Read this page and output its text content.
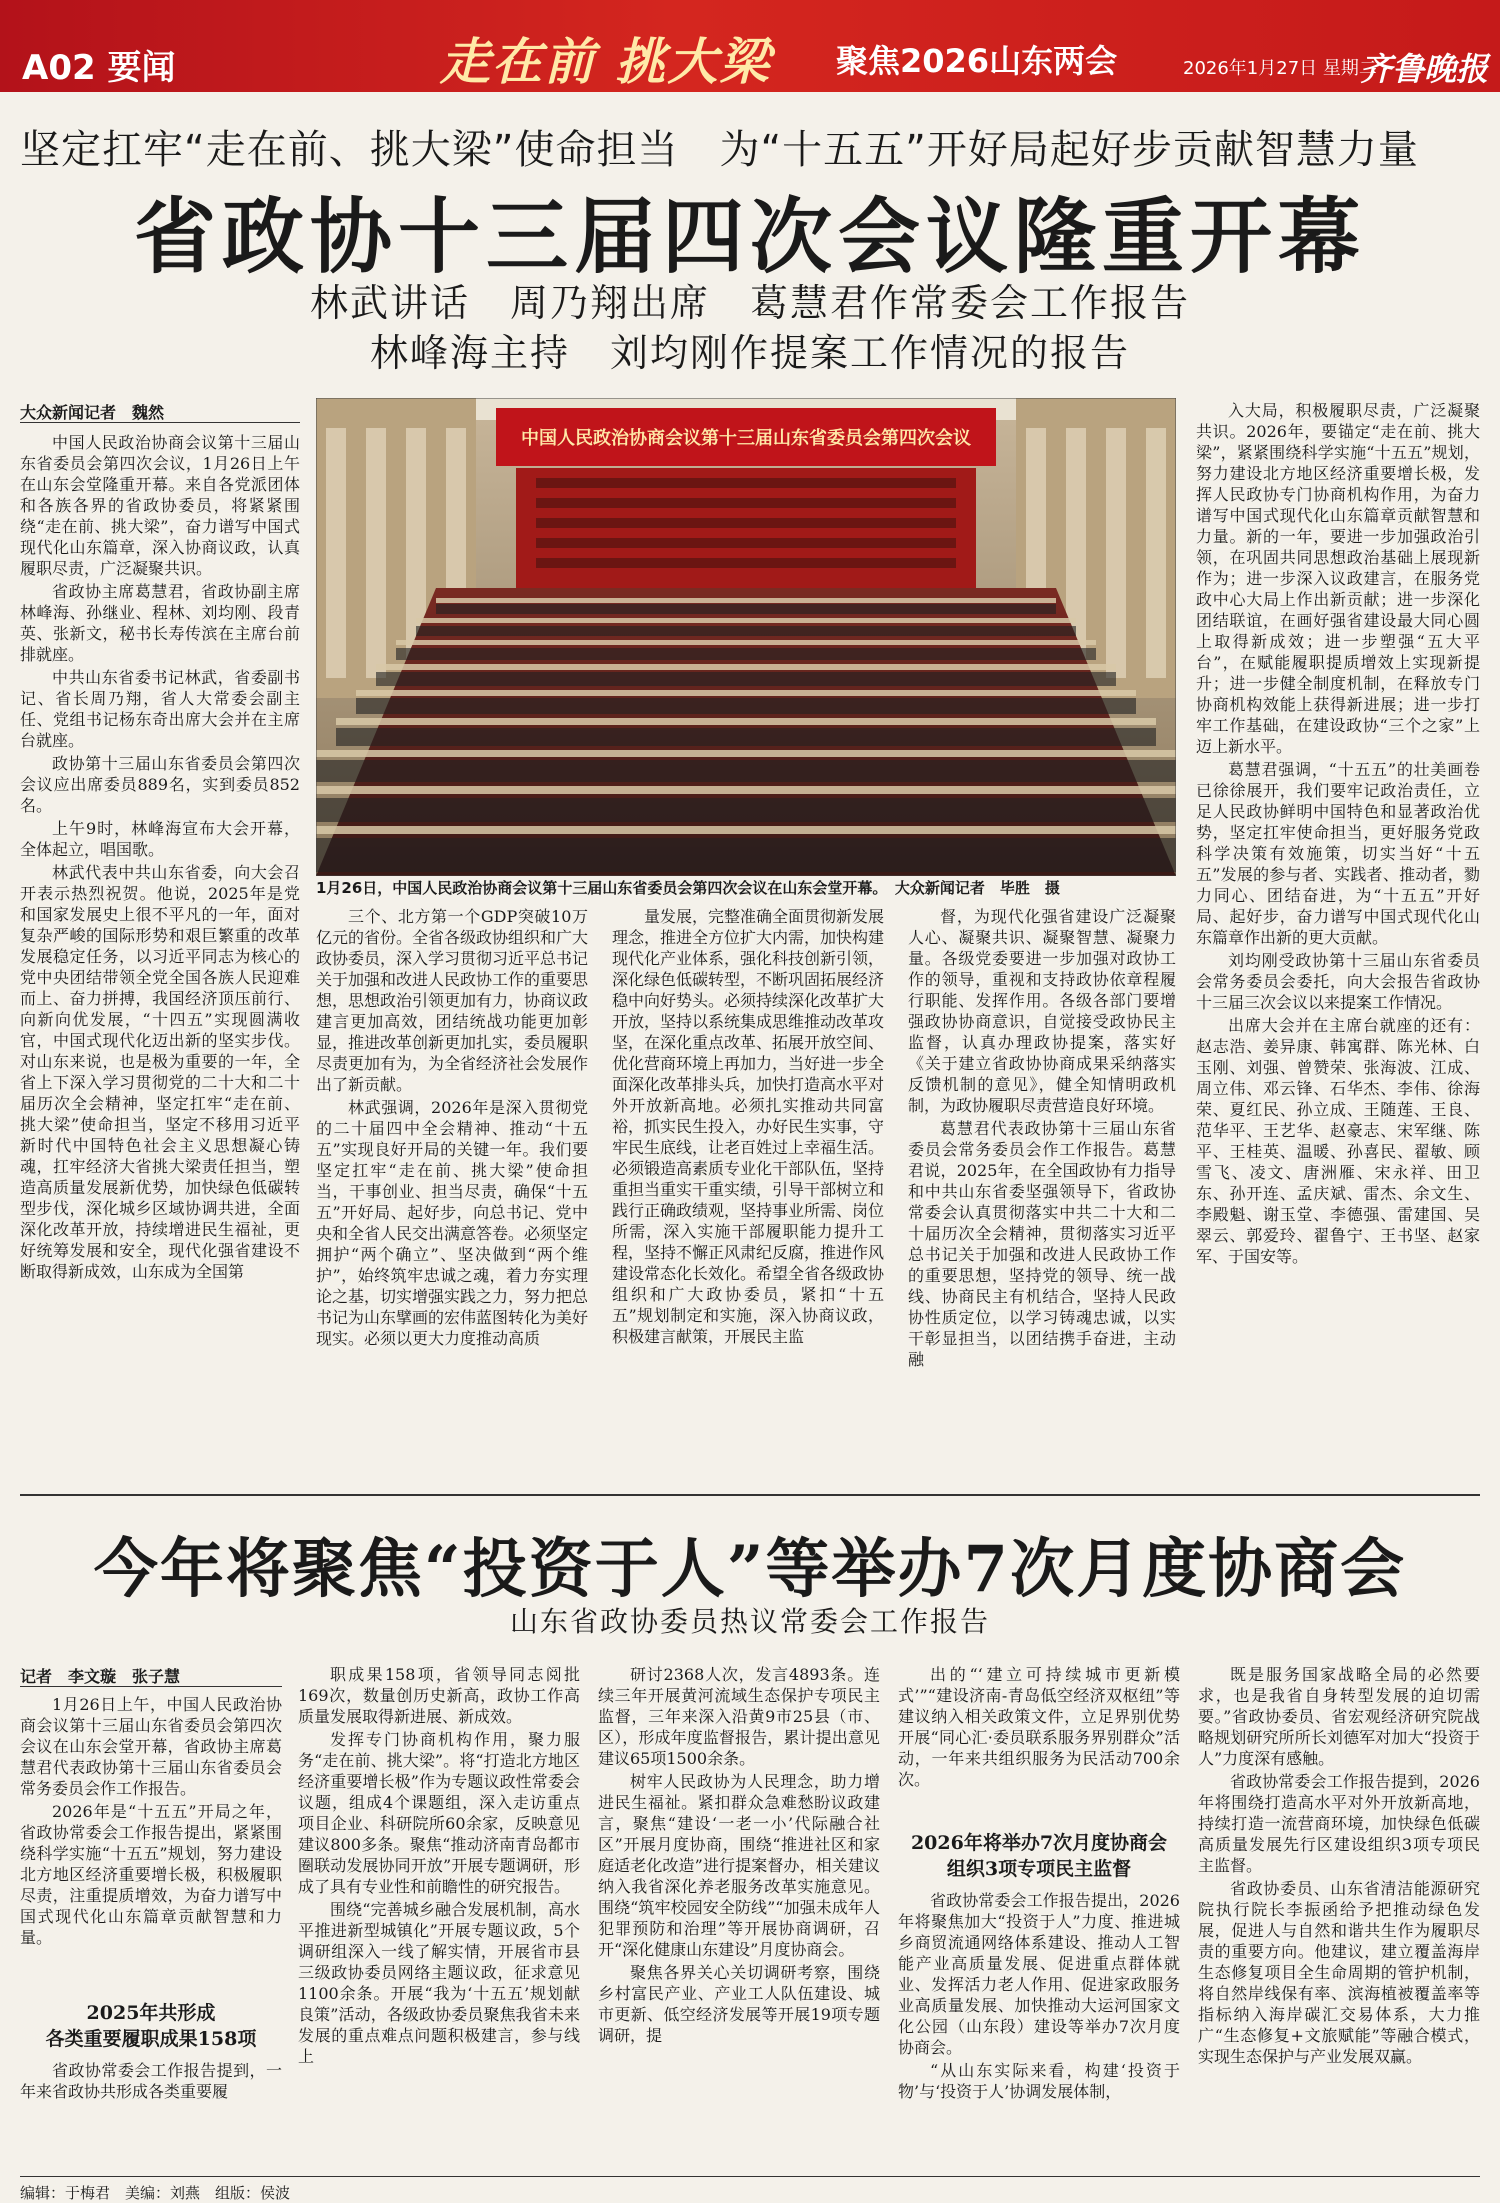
A02 要闻	走在前 挑大梁 聚焦2026山东两会	2026年1月27日 星期二
齐鲁晚报
坚定扛牢“走在前、挑大梁”使命担当　为“十五五”开好局起好步贡献智慧力量
省政协十三届四次会议隆重开幕
林武讲话　周乃翔出席　葛慧君作常委会工作报告
林峰海主持　刘均刚作提案工作情况的报告
大众新闻记者　魏然

中国人民政治协商会议第十三届山东省委员会第四次会议，1月26日上午在山东会堂隆重开幕。来自各党派团体和各族各界的省政协委员，将紧紧围绕“走在前、挑大梁”，奋力谱写中国式现代化山东篇章，深入协商议政，认真履职尽责，广泛凝聚共识。

省政协主席葛慧君，省政协副主席林峰海、孙继业、程林、刘均刚、段青英、张新文，秘书长寿传滨在主席台前排就座。

中共山东省委书记林武，省委副书记、省长周乃翔，省人大常委会副主任、党组书记杨东奇出席大会并在主席台就座。

政协第十三届山东省委员会第四次会议应出席委员889名，实到委员852名。

上午9时，林峰海宣布大会开幕，全体起立，唱国歌。

林武代表中共山东省委，向大会召开表示热烈祝贺。他说，2025年是党和国家发展史上很不平凡的一年，面对复杂严峻的国际形势和艰巨繁重的改革发展稳定任务，以习近平同志为核心的党中央团结带领全党全国各族人民迎难而上、奋力拼搏，我国经济顶压前行、向新向优发展，“十四五”实现圆满收官，中国式现代化迈出新的坚实步伐。对山东来说，也是极为重要的一年，全省上下深入学习贯彻党的二十大和二十届历次全会精神，坚定扛牢“走在前、挑大梁”使命担当，坚定不移用习近平新时代中国特色社会主义思想凝心铸魂，扛牢经济大省挑大梁责任担当，塑造高质量发展新优势，加快绿色低碳转型步伐，深化城乡区域协调共进，全面深化改革开放，持续增进民生福祉，更好统筹发展和安全，现代化强省建设不断取得新成效，山东成为全国第

中国人民政治协商会议第十三届山东省委员会第四次会议
1月26日，中国人民政治协商会议第十三届山东省委员会第四次会议在山东会堂开幕。　大众新闻记者　毕胜　摄

三个、北方第一个GDP突破10万亿元的省份。全省各级政协组织和广大政协委员，深入学习贯彻习近平总书记关于加强和改进人民政协工作的重要思想，思想政治引领更加有力，协商议政建言更加高效，团结统战功能更加彰显，推进改革创新更加扎实，委员履职尽责更加有为，为全省经济社会发展作出了新贡献。

林武强调，2026年是深入贯彻党的二十届四中全会精神、推动“十五五”实现良好开局的关键一年。我们要坚定扛牢“走在前、挑大梁”使命担当，干事创业、担当尽责，确保“十五五”开好局、起好步，向总书记、党中央和全省人民交出满意答卷。必须坚定拥护“两个确立”、坚决做到“两个维护”，始终筑牢忠诚之魂，着力夯实理论之基，切实增强实践之力，努力把总书记为山东擘画的宏伟蓝图转化为美好现实。必须以更大力度推动高质

量发展，完整准确全面贯彻新发展理念，推进全方位扩大内需，加快构建现代化产业体系，强化科技创新引领，深化绿色低碳转型，不断巩固拓展经济稳中向好势头。必须持续深化改革扩大开放，坚持以系统集成思维推动改革攻坚，在深化重点改革、拓展开放空间、优化营商环境上再加力，当好进一步全面深化改革排头兵，加快打造高水平对外开放新高地。必须扎实推动共同富裕，抓实民生投入，办好民生实事，守牢民生底线，让老百姓过上幸福生活。必须锻造高素质专业化干部队伍，坚持重担当重实干重实绩，引导干部树立和践行正确政绩观，坚持事业所需、岗位所需，深入实施干部履职能力提升工程，坚持不懈正风肃纪反腐，推进作风建设常态化长效化。希望全省各级政协组织和广大政协委员，紧扣“十五五”规划制定和实施，深入协商议政，积极建言献策，开展民主监

督，为现代化强省建设广泛凝聚人心、凝聚共识、凝聚智慧、凝聚力量。各级党委要进一步加强对政协工作的领导，重视和支持政协依章程履行职能、发挥作用。各级各部门要增强政协协商意识，自觉接受政协民主监督，认真办理政协提案，落实好《关于建立省政协协商成果采纳落实反馈机制的意见》，健全知情明政机制，为政协履职尽责营造良好环境。

葛慧君代表政协第十三届山东省委员会常务委员会作工作报告。葛慧君说，2025年，在全国政协有力指导和中共山东省委坚强领导下，省政协常委会认真贯彻落实中共二十大和二十届历次全会精神，贯彻落实习近平总书记关于加强和改进人民政协工作的重要思想，坚持党的领导、统一战线、协商民主有机结合，坚持人民政协性质定位，以学习铸魂忠诚，以实干彰显担当，以团结携手奋进，主动融

入大局，积极履职尽责，广泛凝聚共识。2026年，要锚定“走在前、挑大梁”，紧紧围绕科学实施“十五五”规划，努力建设北方地区经济重要增长极，发挥人民政协专门协商机构作用，为奋力谱写中国式现代化山东篇章贡献智慧和力量。新的一年，要进一步加强政治引领，在巩固共同思想政治基础上展现新作为；进一步深入议政建言，在服务党政中心大局上作出新贡献；进一步深化团结联谊，在画好强省建设最大同心圆上取得新成效；进一步塑强“五大平台”，在赋能履职提质增效上实现新提升；进一步健全制度机制，在释放专门协商机构效能上获得新进展；进一步打牢工作基础，在建设政协“三个之家”上迈上新水平。

葛慧君强调，“十五五”的壮美画卷已徐徐展开，我们要牢记政治责任，立足人民政协鲜明中国特色和显著政治优势，坚定扛牢使命担当，更好服务党政科学决策有效施策，切实当好“十五五”发展的参与者、实践者、推动者，勠力同心、团结奋进，为“十五五”开好局、起好步，奋力谱写中国式现代化山东篇章作出新的更大贡献。

刘均刚受政协第十三届山东省委员会常务委员会委托，向大会报告省政协十三届三次会议以来提案工作情况。

出席大会并在主席台就座的还有：赵志浩、姜异康、韩寓群、陈光林、白玉刚、刘强、曾赞荣、张海波、江成、周立伟、邓云锋、石华杰、李伟、徐海荣、夏红民、孙立成、王随莲、王良、范华平、王艺华、赵豪志、宋军继、陈平、王桂英、温暖、孙喜民、翟敏、顾雪飞、凌文、唐洲雁、宋永祥、田卫东、孙开连、孟庆斌、雷杰、余文生、李殿魁、谢玉堂、李德强、雷建国、吴翠云、郭爱玲、翟鲁宁、王书坚、赵家军、于国安等。

今年将聚焦“投资于人”等举办7次月度协商会
山东省政协委员热议常委会工作报告
记者　李文璇　张子慧

1月26日上午，中国人民政治协商会议第十三届山东省委员会第四次会议在山东会堂开幕，省政协主席葛慧君代表政协第十三届山东省委员会常务委员会作工作报告。

2026年是“十五五”开局之年，省政协常委会工作报告提出，紧紧围绕科学实施“十五五”规划，努力建设北方地区经济重要增长极，积极履职尽责，注重提质增效，为奋力谱写中国式现代化山东篇章贡献智慧和力量。

2025年共形成
各类重要履职成果158项

省政协常委会工作报告提到，一年来省政协共形成各类重要履

职成果158项，省领导同志阅批169次，数量创历史新高，政协工作高质量发展取得新进展、新成效。

发挥专门协商机构作用，聚力服务“走在前、挑大梁”。将“打造北方地区经济重要增长极”作为专题议政性常委会议题，组成4个课题组，深入走访重点项目企业、科研院所60余家，反映意见建议800多条。聚焦“推动济南青岛都市圈联动发展协同开放”开展专题调研，形成了具有专业性和前瞻性的研究报告。

围绕“完善城乡融合发展机制，高水平推进新型城镇化”开展专题议政，5个调研组深入一线了解实情，开展省市县三级政协委员网络主题议政，征求意见1100余条。开展“我为‘十五五’规划献良策”活动，各级政协委员聚焦我省未来发展的重点难点问题积极建言，参与线上

研讨2368人次，发言4893条。连续三年开展黄河流域生态保护专项民主监督，三年来深入沿黄9市25县（市、区），形成年度监督报告，累计提出意见建议65项1500余条。

树牢人民政协为人民理念，助力增进民生福祉。紧扣群众急难愁盼议政建言，聚焦“建设‘一老一小’代际融合社区”开展月度协商，围绕“推进社区和家庭适老化改造”进行提案督办，相关建议纳入我省深化养老服务改革实施意见。围绕“筑牢校园安全防线”“加强未成年人犯罪预防和治理”等开展协商调研，召开“深化健康山东建设”月度协商会。

聚焦各界关心关切调研考察，围绕乡村富民产业、产业工人队伍建设、城市更新、低空经济发展等开展19项专题调研，提

出的“‘建立可持续城市更新模式’”“建设济南-青岛低空经济双枢纽”等建议纳入相关政策文件，立足界别优势开展“同心汇·委员联系服务界别群众”活动，一年来共组织服务为民活动700余次。

2026年将举办7次月度协商会
组织3项专项民主监督

省政协常委会工作报告提出，2026年将聚焦加大“投资于人”力度、推进城乡商贸流通网络体系建设、推动人工智能产业高质量发展、促进重点群体就业、发挥活力老人作用、促进家政服务业高质量发展、加快推动大运河国家文化公园（山东段）建设等举办7次月度协商会。

“从山东实际来看，构建‘投资于物’与‘投资于人’协调发展体制，

既是服务国家战略全局的必然要求，也是我省自身转型发展的迫切需要。”省政协委员、省宏观经济研究院战略规划研究所所长刘德军对加大“投资于人”力度深有感触。

省政协常委会工作报告提到，2026年将围绕打造高水平对外开放新高地，持续打造一流营商环境，加快绿色低碳高质量发展先行区建设组织3项专项民主监督。

省政协委员、山东省清洁能源研究院执行院长李振函给予把推动绿色发展，促进人与自然和谐共生作为履职尽责的重要方向。他建议，建立覆盖海岸生态修复项目全生命周期的管护机制，将自然岸线保有率、滨海植被覆盖率等指标纳入海岸碳汇交易体系，大力推广“生态修复+文旅赋能”等融合模式，实现生态保护与产业发展双赢。

编辑：于梅君　美编：刘燕　组版：侯波
